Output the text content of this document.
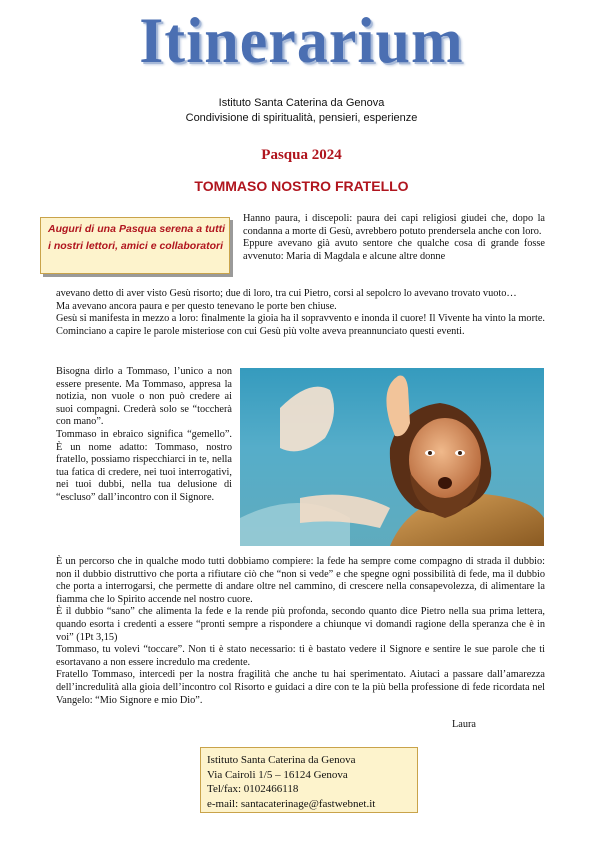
Itinerarium
Istituto Santa Caterina da Genova
Condivisione di spiritualità, pensieri, esperienze
Pasqua 2024
TOMMASO NOSTRO FRATELLO
Auguri di una Pasqua serena a tutti i nostri lettori, amici e collaboratori

Hanno paura, i discepoli: paura dei capi religiosi giudei che, dopo la condanna a morte di Gesù, avrebbero potuto prendersela anche con loro.

Eppure avevano già avuto sentore che qualche cosa di grande fosse avvenuto: Maria di Magdala e alcune altre donne

avevano detto di aver visto Gesù risorto; due di loro, tra cui Pietro, corsi al sepolcro lo avevano trovato vuoto…

Ma avevano ancora paura e per questo tenevano le porte ben chiuse.

Gesù si manifesta in mezzo a loro: finalmente la gioia ha il sopravvento e inonda il cuore! Il Vivente ha vinto la morte. Cominciano a capire le parole misteriose con cui Gesù più volte aveva preannunciato questi eventi.

Bisogna dirlo a Tommaso, l’unico a non essere presente. Ma Tommaso, appresa la notizia, non vuole o non può credere ai suoi compagni. Crederà solo se “toccherà con mano”.

Tommaso in ebraico significa “gemello”. È un nome adatto: Tommaso, nostro fratello, possiamo rispecchiarci in te, nella tua fatica di credere, nei tuoi interrogativi, nei tuoi dubbi, nella tua delusione di “escluso” dall’incontro con il Signore.

È un percorso che in qualche modo tutti dobbiamo compiere: la fede ha sempre come compagno di strada il dubbio: non il dubbio distruttivo che porta a rifiutare ciò che “non si vede” e che spegne ogni possibilità di fede, ma il dubbio che porta a interrogarsi, che permette di andare oltre nel cammino, di crescere nella consapevolezza, di alimentare la fiamma che lo Spirito accende nel nostro cuore.

È il dubbio “sano” che alimenta la fede e la rende più profonda, secondo quanto dice Pietro nella sua prima lettera, quando esorta i credenti a essere “pronti sempre a rispondere a chiunque vi domandi ragione della speranza che è in voi” (1Pt 3,15)

Tommaso, tu volevi “toccare”. Non ti è stato necessario: ti è bastato vedere il Signore e sentire le sue parole che ti esortavano a non essere incredulo ma credente.

Fratello Tommaso, intercedi per la nostra fragilità che anche tu hai sperimentato. Aiutaci a passare dall’amarezza dell’incredulità alla gioia dell’incontro col Risorto e guidaci a dire con te la più bella professione di fede ricordata nel Vangelo: “Mio Signore e mio Dio”.

Laura
Istituto Santa Caterina da Genova
Via Cairoli 1/5 – 16124 Genova
Tel/fax: 0102466118
e-mail: santacaterinage@fastwebnet.it
